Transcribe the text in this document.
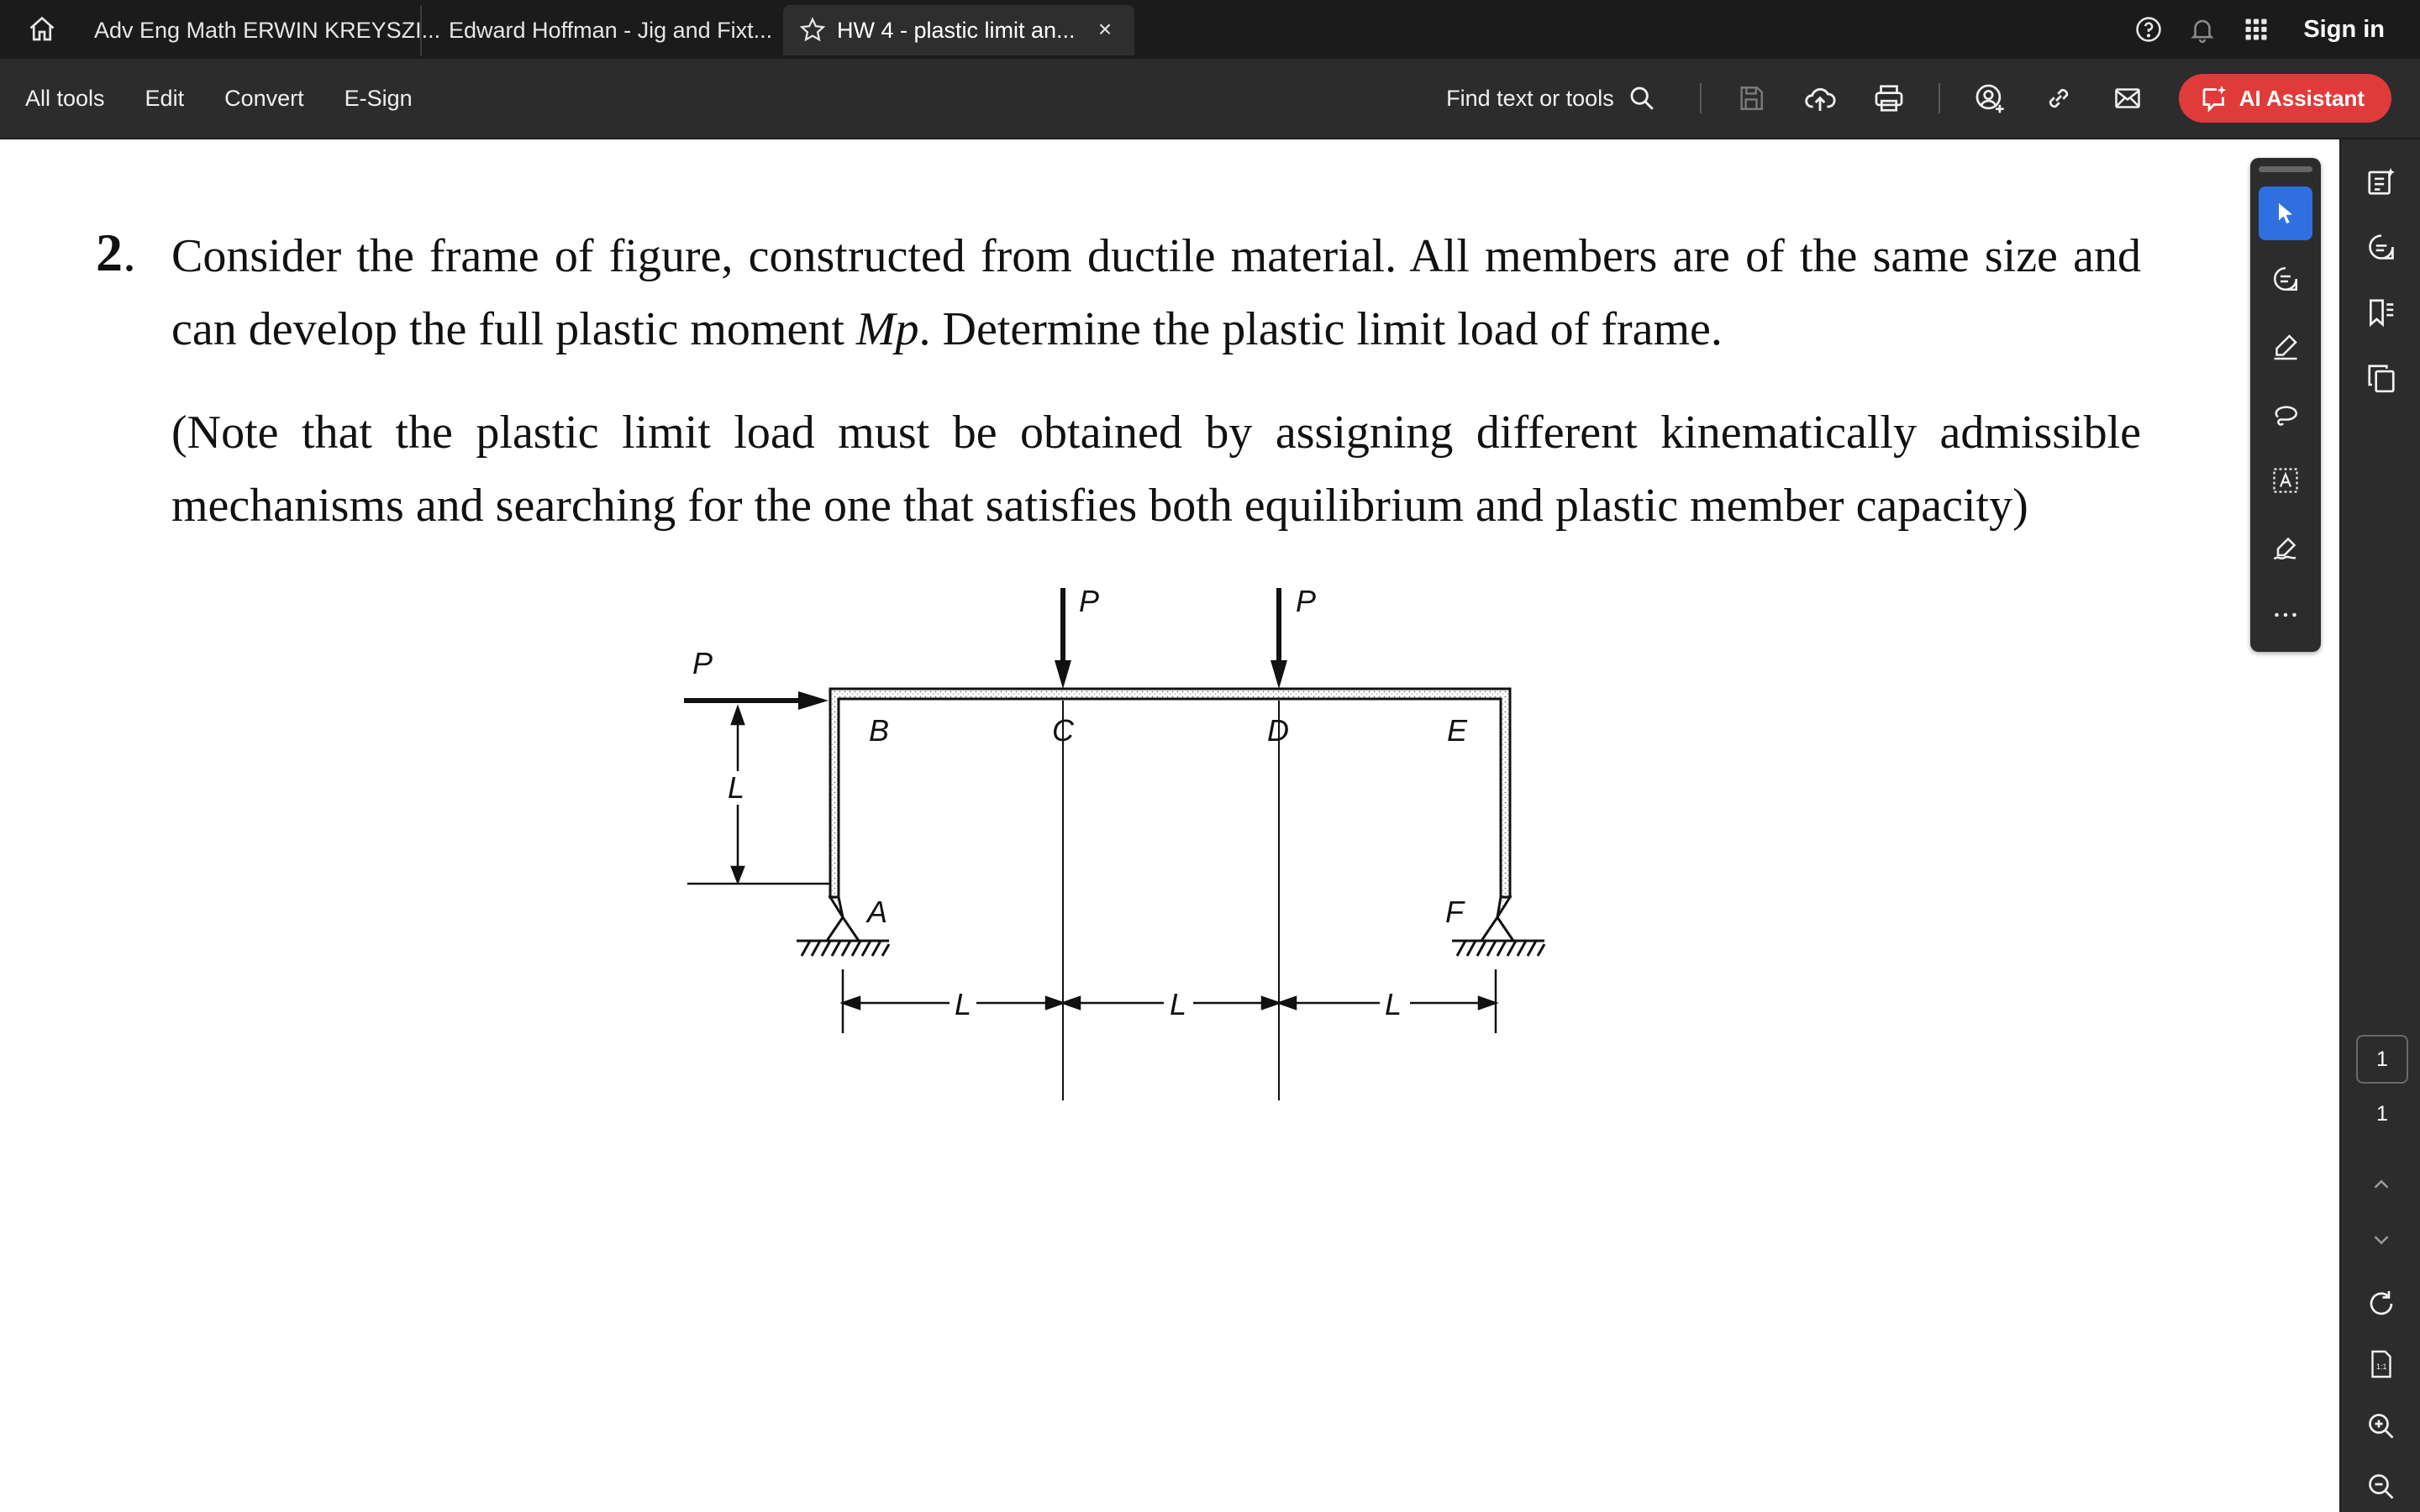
Adv Eng Math ERWIN KREYSZI... Edward Hoffman - Jig and Fixt...	HW 4 - plastic limit an... ×	Sign in
All tools Edit Convert E-Sign	Find text or tools	AI Assistant
2. Consider the frame of figure, constructed from ductile material. All members are of the same size and can develop the full plastic moment Mp. Determine the plastic limit load of frame.
(Note that the plastic limit load must be obtained by assigning different kinematically admissible mechanisms and searching for the one that satisfies both equilibrium and plastic member capacity)
P	P
P
L
B	C	D	E
A	F
L	L	L
1
1
1:1
